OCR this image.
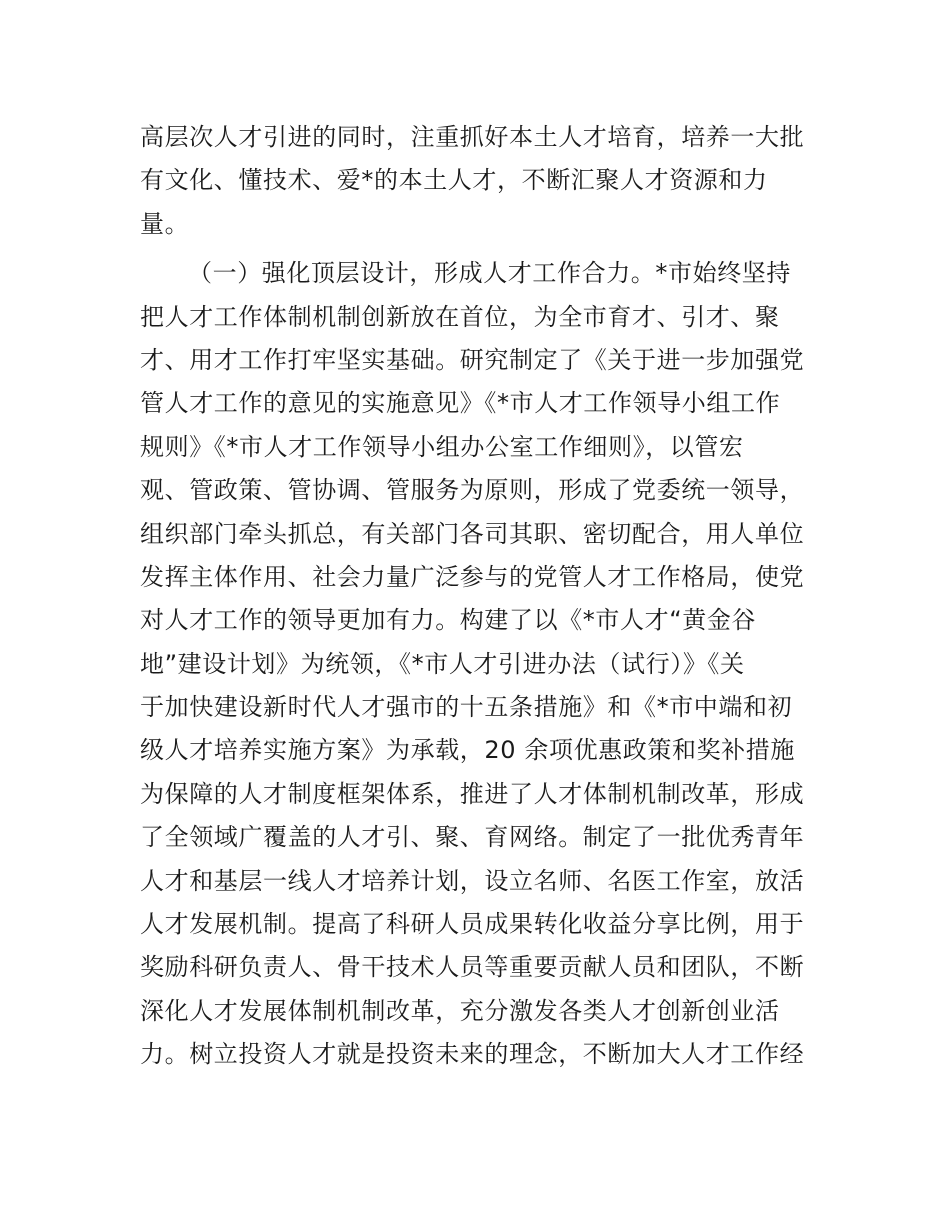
高层次人才引进的同时，注重抓好本土人才培育，培养一大批
有文化、懂技术、爱*的本土人才，不断汇聚人才资源和力
量。
（一）强化顶层设计，形成人才工作合力。*市始终坚持
把人才工作体制机制创新放在首位，为全市育才、引才、聚
才、用才工作打牢坚实基础。研究制定了《关于进一步加强党
管人才工作的意见的实施意见》《*市人才工作领导小组工作
规则》《*市人才工作领导小组办公室工作细则》，以管宏
观、管政策、管协调、管服务为原则，形成了党委统一领导，
组织部门牵头抓总，有关部门各司其职、密切配合，用人单位
发挥主体作用、社会力量广泛参与的党管人才工作格局，使党
对人才工作的领导更加有力。构建了以《*市人才“黄金谷
地”建设计划》为统领，《*市人才引进办法（试行）》《关
于加快建设新时代人才强市的十五条措施》和《*市中端和初
级人才培养实施方案》为承载，20 余项优惠政策和奖补措施
为保障的人才制度框架体系，推进了人才体制机制改革，形成
了全领域广覆盖的人才引、聚、育网络。制定了一批优秀青年
人才和基层一线人才培养计划，设立名师、名医工作室，放活
人才发展机制。提高了科研人员成果转化收益分享比例，用于
奖励科研负责人、骨干技术人员等重要贡献人员和团队，不断
深化人才发展体制机制改革，充分激发各类人才创新创业活
力。树立投资人才就是投资未来的理念，不断加大人才工作经
